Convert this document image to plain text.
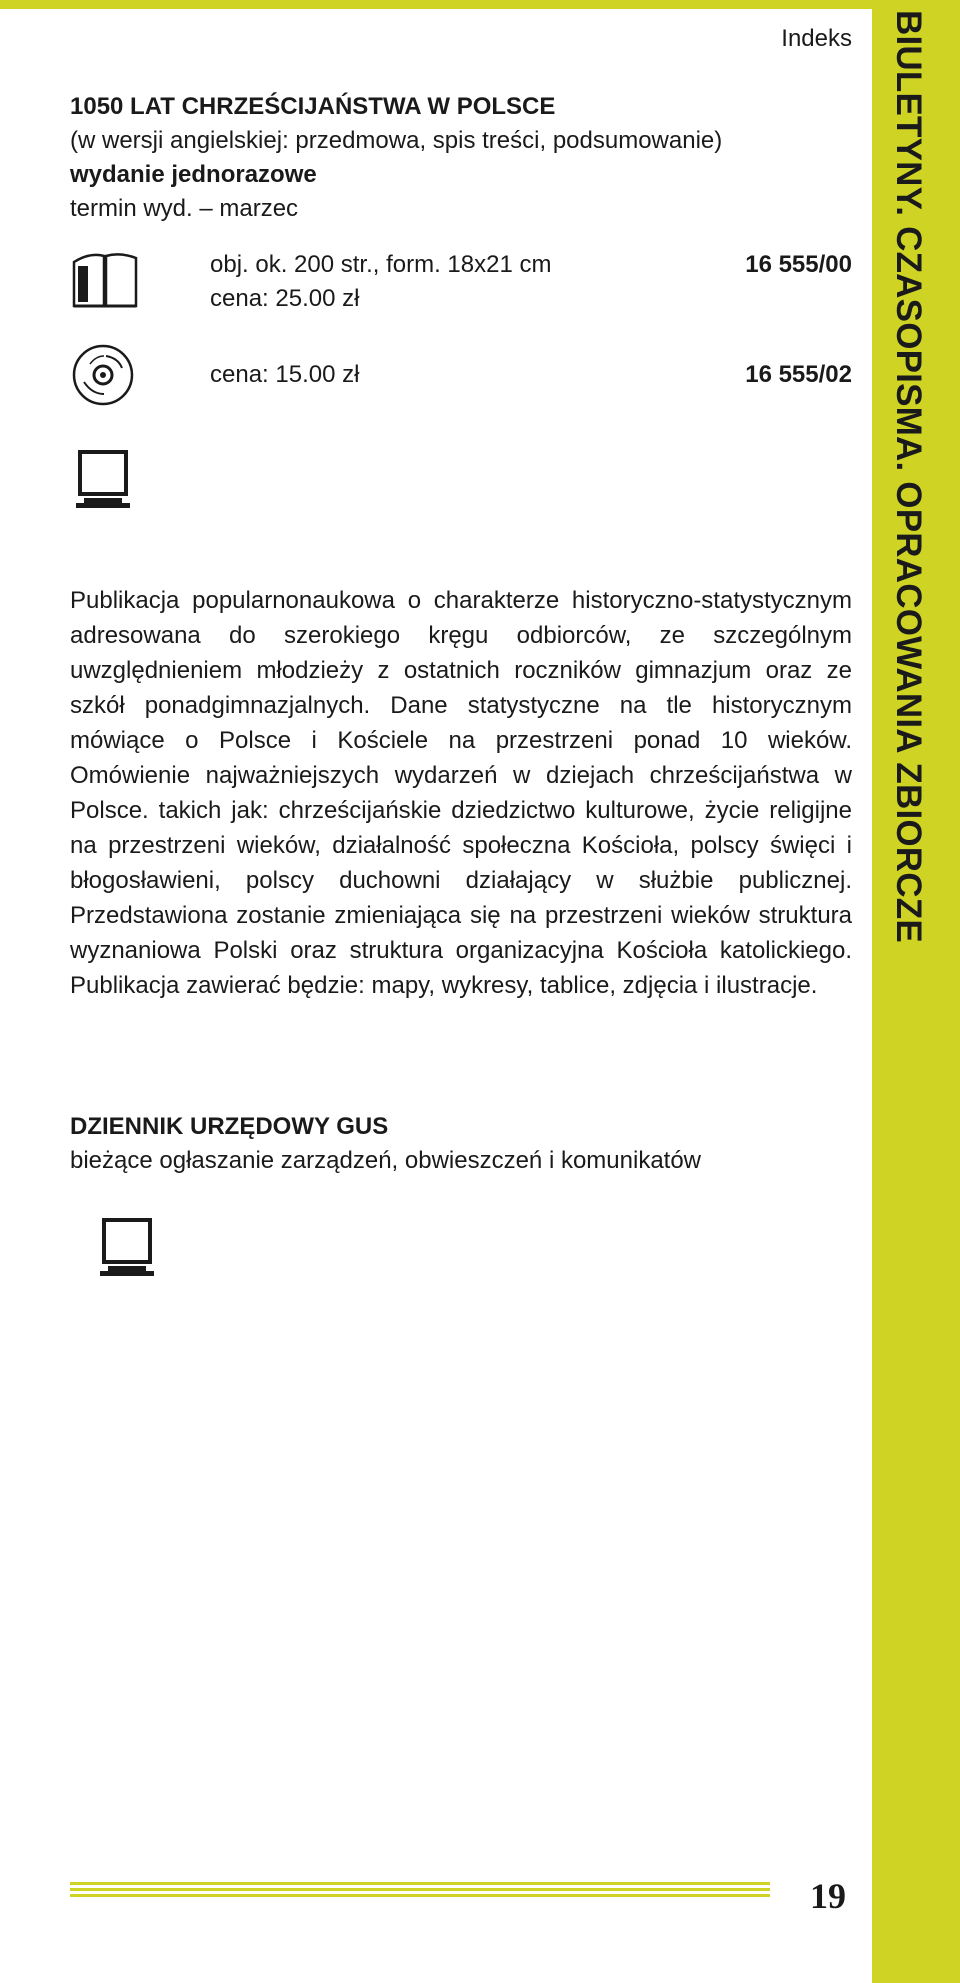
BIULETYNY. CZASOPISMA. OPRACOWANIA ZBIORCZE
Indeks
1050 LAT CHRZEŚCIJAŃSTWA W POLSCE
(w wersji angielskiej: przedmowa, spis treści, podsumowanie)
wydanie jednorazowe
termin wyd. – marzec
obj. ok. 200 str., form. 18x21 cm
cena: 25.00 zł
16 555/00
cena: 15.00 zł	16 555/02
Publikacja popularnonaukowa o charakterze historyczno-statystycznym adresowana do szerokiego kręgu odbiorców, ze szczególnym uwzględnieniem młodzieży z ostatnich roczników gimnazjum oraz ze szkół ponadgimnazjalnych. Dane statystyczne na tle historycznym mówiące o Polsce i Kościele na przestrzeni ponad 10 wieków. Omówienie najważniejszych wydarzeń w dziejach chrześcijaństwa w Polsce. takich jak: chrześcijańskie dziedzictwo kulturowe, życie religijne na przestrzeni wieków, działalność społeczna Kościoła, polscy święci i błogosławieni, polscy duchowni działający w służbie publicznej. Przedstawiona zostanie zmieniająca się na przestrzeni wieków struktura wyznaniowa Polski oraz struktura organizacyjna Kościoła katolickiego. Publikacja zawierać będzie: mapy, wykresy, tablice, zdjęcia i ilustracje.
DZIENNIK URZĘDOWY GUS
bieżące ogłaszanie zarządzeń, obwieszczeń i komunikatów
19
